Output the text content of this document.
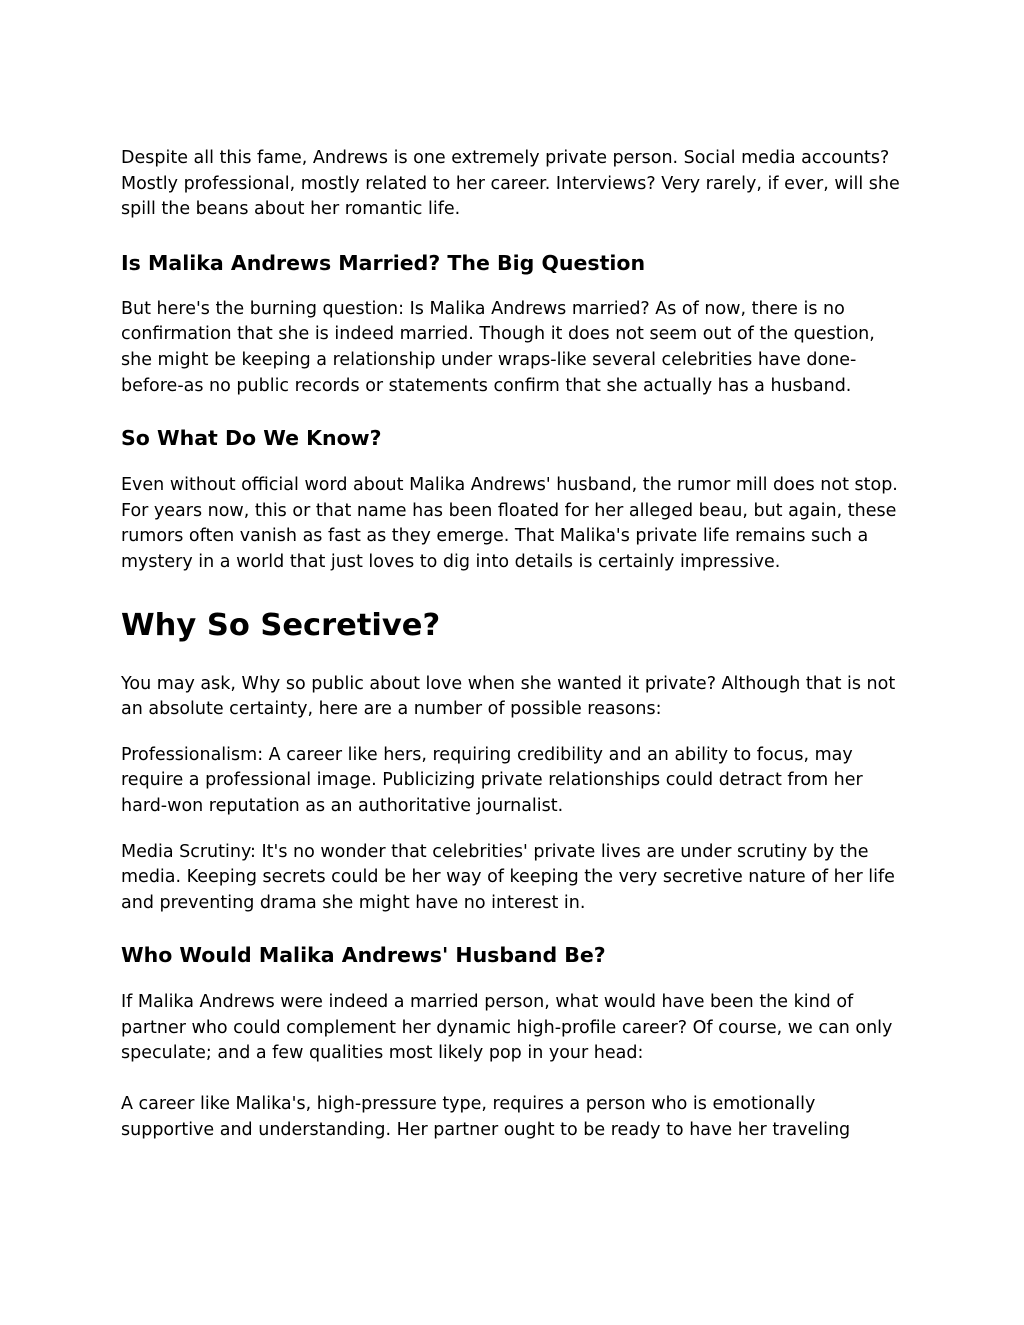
Despite all this fame, Andrews is one extremely private person. Social media accounts? Mostly professional, mostly related to her career. Interviews? Very rarely, if ever, will she spill the beans about her romantic life.

Is Malika Andrews Married? The Big Question

But here's the burning question: Is Malika Andrews married? As of now, there is no confirmation that she is indeed married. Though it does not seem out of the question, she might be keeping a relationship under wraps-like several celebrities have done-before-as no public records or statements confirm that she actually has a husband.

So What Do We Know?

Even without official word about Malika Andrews' husband, the rumor mill does not stop. For years now, this or that name has been floated for her alleged beau, but again, these rumors often vanish as fast as they emerge. That Malika's private life remains such a mystery in a world that just loves to dig into details is certainly impressive.

Why So Secretive?

You may ask, Why so public about love when she wanted it private? Although that is not an absolute certainty, here are a number of possible reasons:

Professionalism: A career like hers, requiring credibility and an ability to focus, may require a professional image. Publicizing private relationships could detract from her hard-won reputation as an authoritative journalist.

Media Scrutiny: It's no wonder that celebrities' private lives are under scrutiny by the media. Keeping secrets could be her way of keeping the very secretive nature of her life and preventing drama she might have no interest in.

Who Would Malika Andrews' Husband Be?

If Malika Andrews were indeed a married person, what would have been the kind of partner who could complement her dynamic high-profile career? Of course, we can only speculate; and a few qualities most likely pop in your head:

A career like Malika's, high-pressure type, requires a person who is emotionally supportive and understanding. Her partner ought to be ready to have her traveling
